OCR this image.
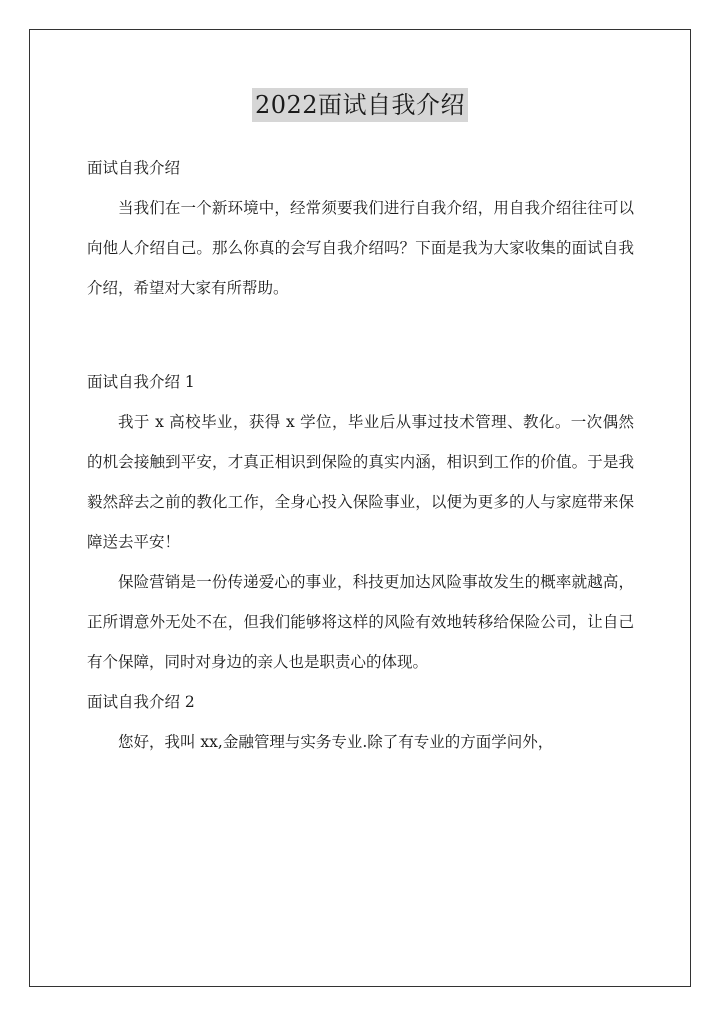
2022面试自我介绍
面试自我介绍
当我们在一个新环境中，经常须要我们进行自我介绍，用自我介绍往往可以向他人介绍自己。那么你真的会写自我介绍吗？下面是我为大家收集的面试自我介绍，希望对大家有所帮助。
面试自我介绍 1
我于 x 高校毕业，获得 x 学位，毕业后从事过技术管理、教化。一次偶然的机会接触到平安，才真正相识到保险的真实内涵，相识到工作的价值。于是我毅然辞去之前的教化工作，全身心投入保险事业，以便为更多的人与家庭带来保障送去平安！
保险营销是一份传递爱心的事业，科技更加达风险事故发生的概率就越高，正所谓意外无处不在，但我们能够将这样的风险有效地转移给保险公司，让自己有个保障，同时对身边的亲人也是职责心的体现。
面试自我介绍 2
您好，我叫 xx,金融管理与实务专业.除了有专业的方面学问外，
